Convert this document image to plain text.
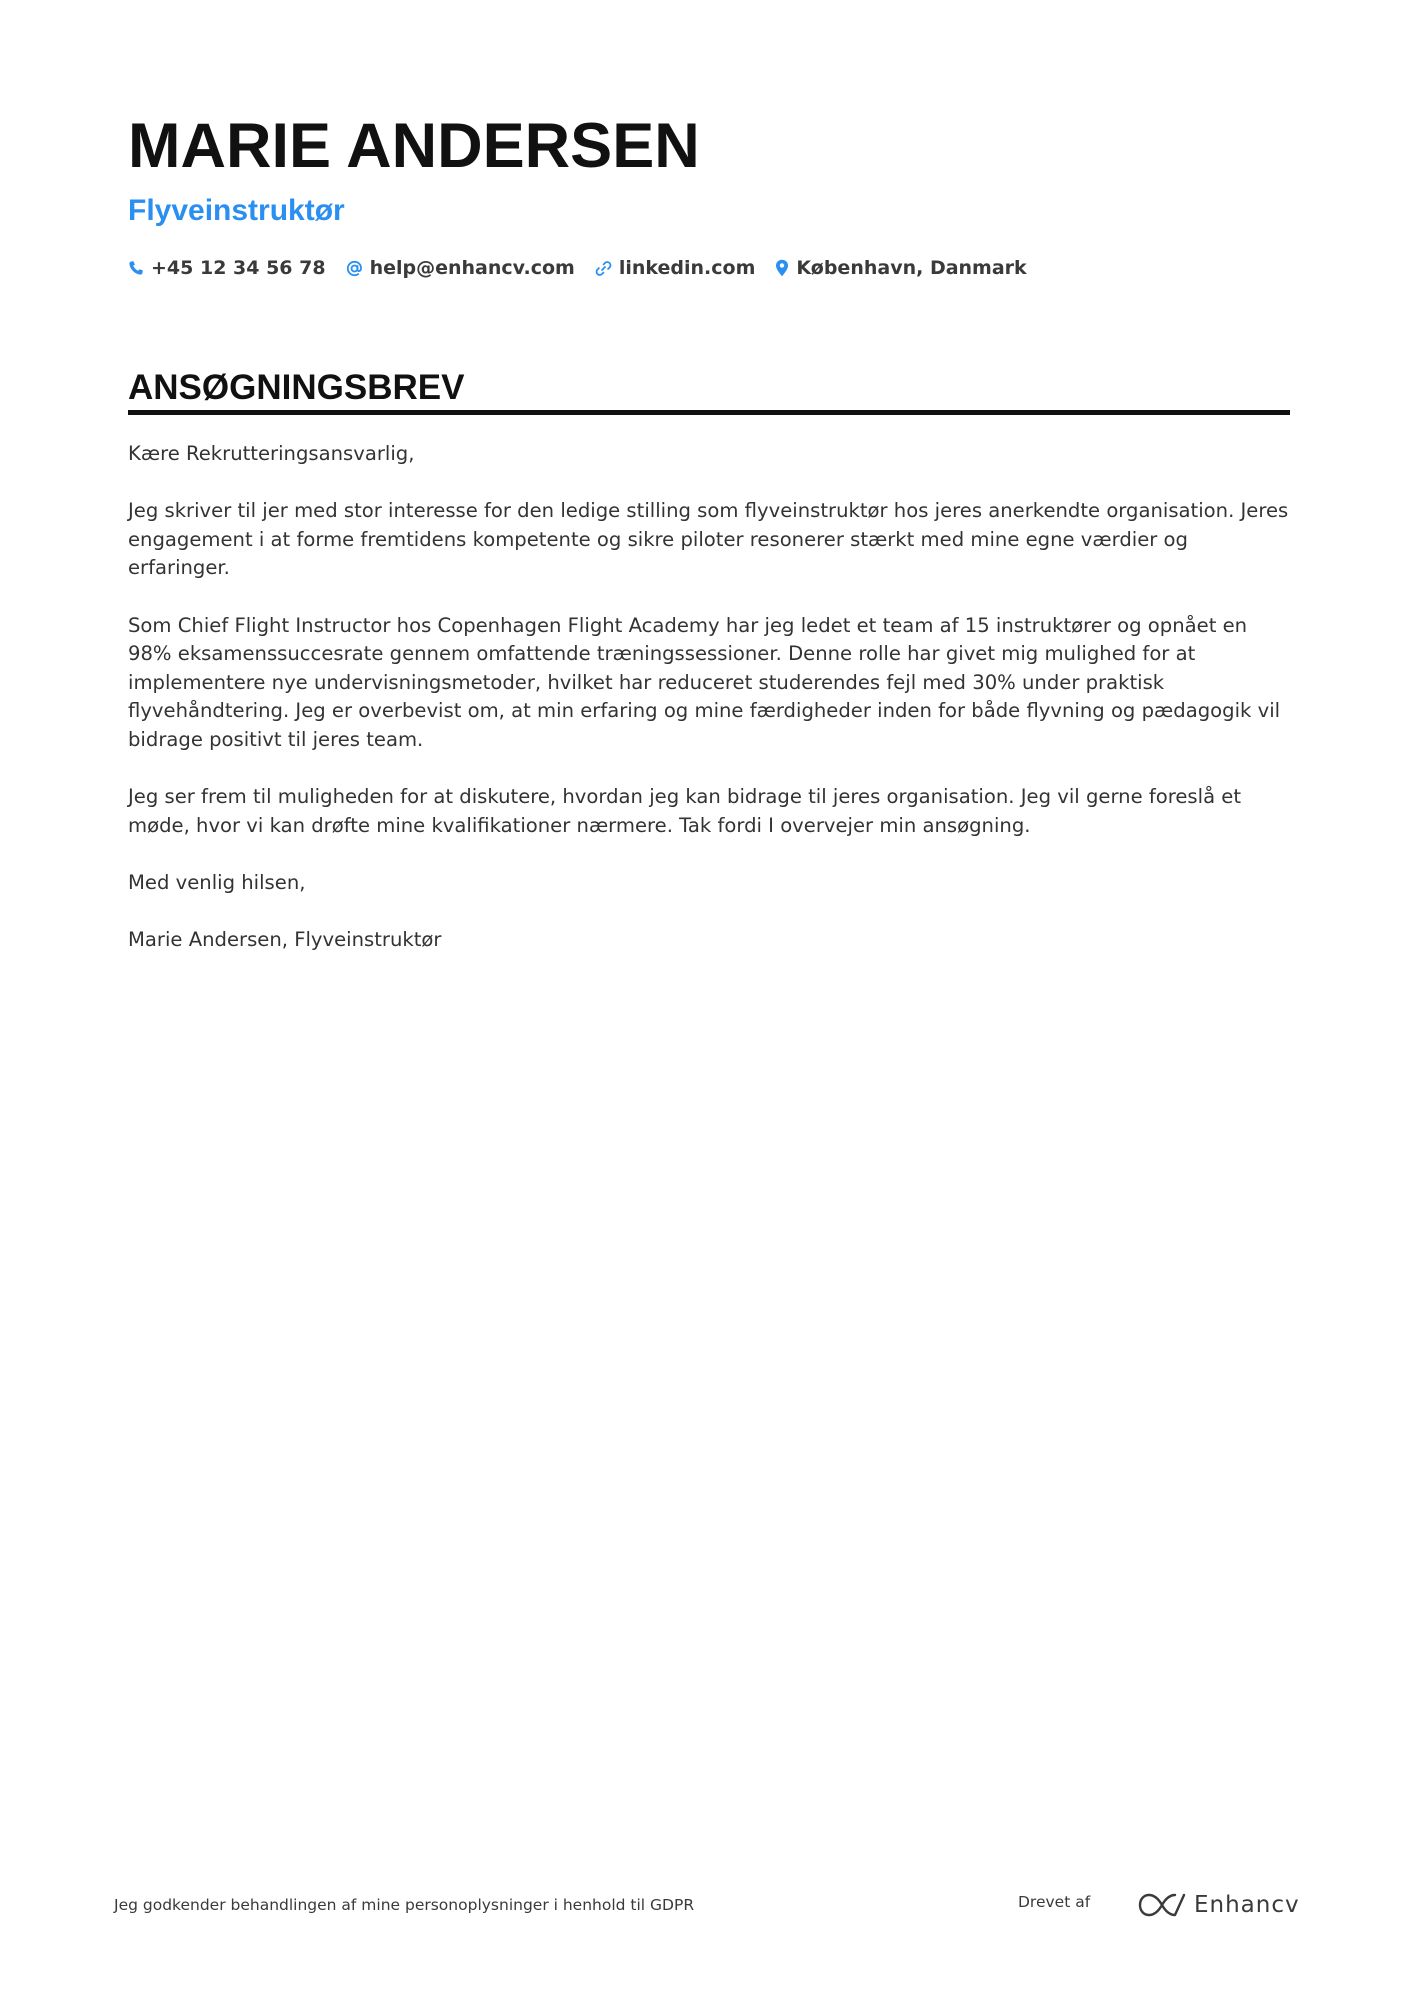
MARIE ANDERSEN
Flyveinstruktør
+45 12 34 56 78 help@enhancv.com linkedin.com København, Danmark
ANSØGNINGSBREV

Kære Rekrutteringsansvarlig,

Jeg skriver til jer med stor interesse for den ledige stilling som flyveinstruktør hos jeres anerkendte organisation. Jeres engagement i at forme fremtidens kompetente og sikre piloter resonerer stærkt med mine egne værdier og erfaringer.

Som Chief Flight Instructor hos Copenhagen Flight Academy har jeg ledet et team af 15 instruktører og opnået en 98% eksamenssuccesrate gennem omfattende træningssessioner. Denne rolle har givet mig mulighed for at implementere nye undervisningsmetoder, hvilket har reduceret studerendes fejl med 30% under praktisk flyvehåndtering. Jeg er overbevist om, at min erfaring og mine færdigheder inden for både flyvning og pædagogik vil bidrage positivt til jeres team.

Jeg ser frem til muligheden for at diskutere, hvordan jeg kan bidrage til jeres organisation. Jeg vil gerne foreslå et møde, hvor vi kan drøfte mine kvalifikationer nærmere. Tak fordi I overvejer min ansøgning.

Med venlig hilsen,

Marie Andersen, Flyveinstruktør

Jeg godkender behandlingen af mine personoplysninger i henhold til GDPR	Drevet af	Enhancv
